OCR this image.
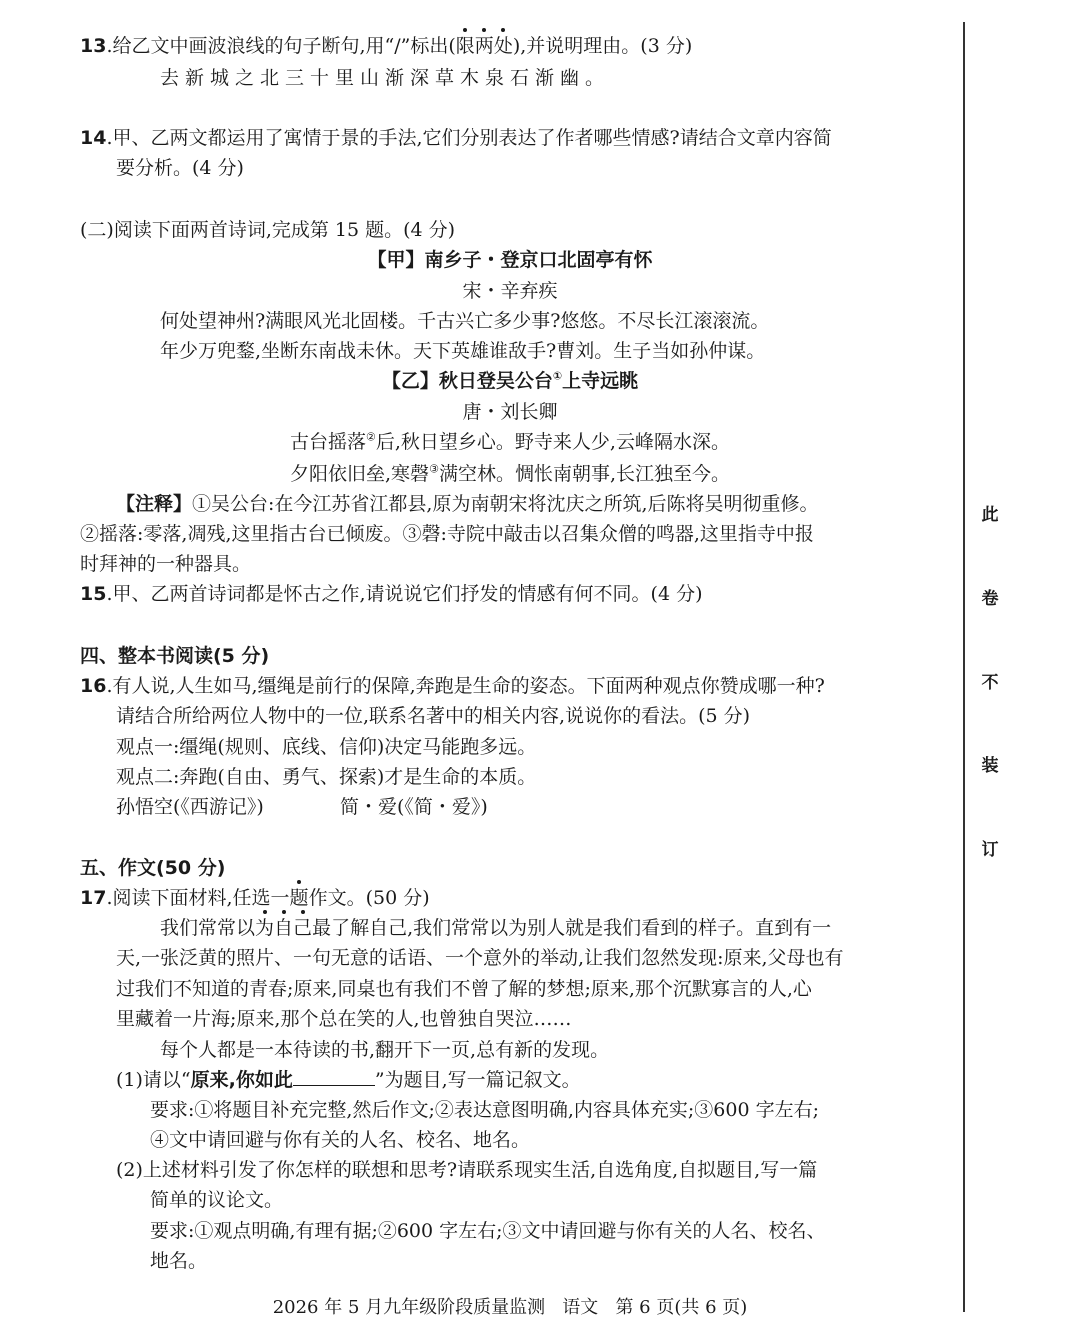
13.给乙文中画波浪线的句子断句,用“/”标出(限两处),并说明理由。(3 分)
去新城之北三十里山渐深草木泉石渐幽。
14.甲、乙两文都运用了寓情于景的手法,它们分别表达了作者哪些情感?请结合文章内容简
要分析。(4 分)
(二)阅读下面两首诗词,完成第 15 题。(4 分)
【甲】南乡子・登京口北固亭有怀
宋・辛弃疾
何处望神州?满眼风光北固楼。千古兴亡多少事?悠悠。不尽长江滚滚流。
年少万兜鍪,坐断东南战未休。天下英雄谁敌手?曹刘。生子当如孙仲谋。
【乙】秋日登吴公台①上寺远眺
唐・刘长卿
古台摇落②后,秋日望乡心。野寺来人少,云峰隔水深。
夕阳依旧垒,寒磬③满空林。惆怅南朝事,长江独至今。
【注释】①吴公台:在今江苏省江都县,原为南朝宋将沈庆之所筑,后陈将吴明彻重修。
②摇落:零落,凋残,这里指古台已倾废。③磬:寺院中敲击以召集众僧的鸣器,这里指寺中报
时拜神的一种器具。
15.甲、乙两首诗词都是怀古之作,请说说它们抒发的情感有何不同。(4 分)
四、整本书阅读(5 分)
16.有人说,人生如马,缰绳是前行的保障,奔跑是生命的姿态。下面两种观点你赞成哪一种?
请结合所给两位人物中的一位,联系名著中的相关内容,说说你的看法。(5 分)
观点一:缰绳(规则、底线、信仰)决定马能跑多远。
观点二:奔跑(自由、勇气、探索)才是生命的本质。
孙悟空(《西游记》)	简・爱(《简・爱》)
五、作文(50 分)
17.阅读下面材料,任选一题作文。(50 分)
我们常常以为自己最了解自己,我们常常以为别人就是我们看到的样子。直到有一
天,一张泛黄的照片、一句无意的话语、一个意外的举动,让我们忽然发现:原来,父母也有
过我们不知道的青春;原来,同桌也有我们不曾了解的梦想;原来,那个沉默寡言的人,心
里藏着一片海;原来,那个总在笑的人,也曾独自哭泣……
每个人都是一本待读的书,翻开下一页,总有新的发现。
(1)请以“原来,你如此	”为题目,写一篇记叙文。
要求:①将题目补充完整,然后作文;②表达意图明确,内容具体充实;③600 字左右;
④文中请回避与你有关的人名、校名、地名。
(2)上述材料引发了你怎样的联想和思考?请联系现实生活,自选角度,自拟题目,写一篇
简单的议论文。
要求:①观点明确,有理有据;②600 字左右;③文中请回避与你有关的人名、校名、
地名。
2026 年 5 月九年级阶段质量监测   语文   第 6 页(共 6 页)
此
卷
不
装
订
